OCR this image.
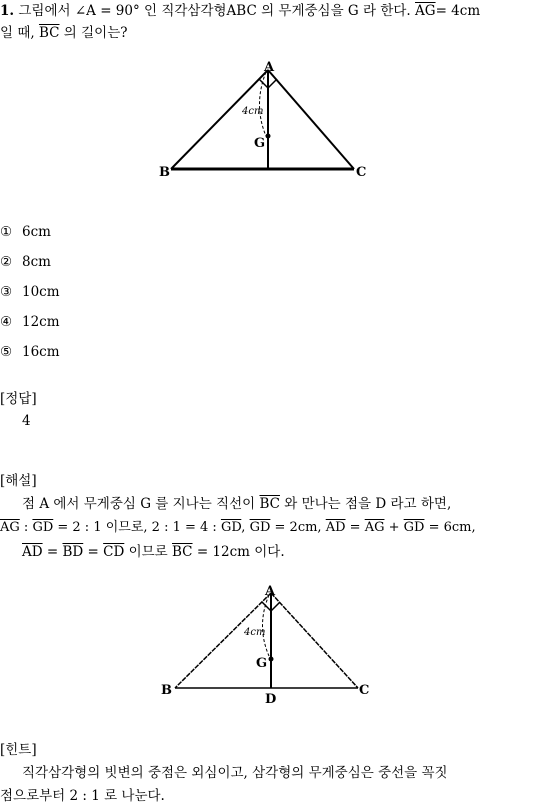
1. 그림에서 ∠A = 90° 인 직각삼각형ABC 의 무게중심을 G 라 한다. $\overline{AG}= 4cm$
일 때, $\overline{BC}$ 의 길이는?
A
B	C
G
4cm
① 6cm
② 8cm
③ 10cm
④ 12cm
⑤ 16cm
[정답]
4
[해설]
점 A 에서 무게중심 G 를 지나는 직선이 $\overline{BC}$ 와 만나는 점을 D 라고 하면,
$\overline{AG}$ : $\overline{GD} = 2$ : 1 이므로, 2 : 1 = 4 : $\overline{GD}$, $\overline{GD} = 2cm$, $\overline{AD} = \overline{AG} + \overline{GD} = 6cm$,
$\overline{AD} = \overline{BD} = \overline{CD}$ 이므로 $\overline{BC} = 12cm$ 이다.
A
B	C
G
D
4cm
[힌트]
직각삼각형의 빗변의 중점은 외심이고, 삼각형의 무게중심은 중선을 꼭짓
점으로부터 2 : 1 로 나눈다.
